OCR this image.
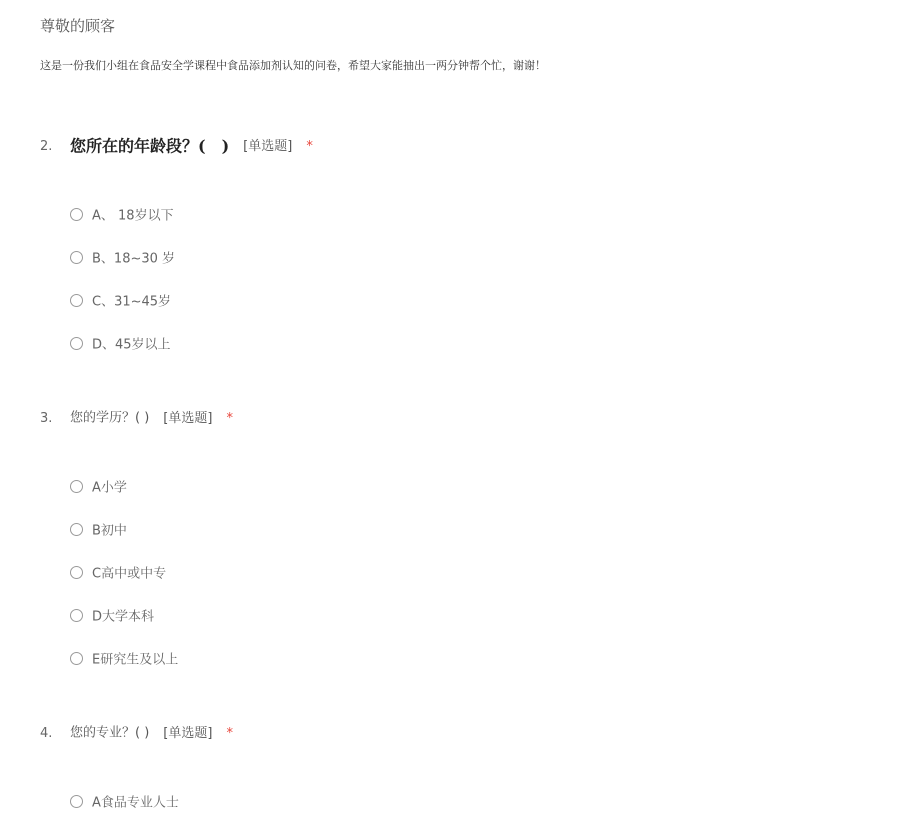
尊敬的顾客
这是一份我们小组在食品安全学课程中食品添加剂认知的问卷，希望大家能抽出一两分钟帮个忙，谢谢！
2. 您所在的年龄段？(　) [单选题] *
A、 18岁以下
B、18~30 岁
C、31~45岁
D、45岁以上
3. 您的学历？( ) [单选题] *
A小学
B初中
C高中或中专
D大学本科
E研究生及以上
4. 您的专业？( ) [单选题] *
A食品专业人士
